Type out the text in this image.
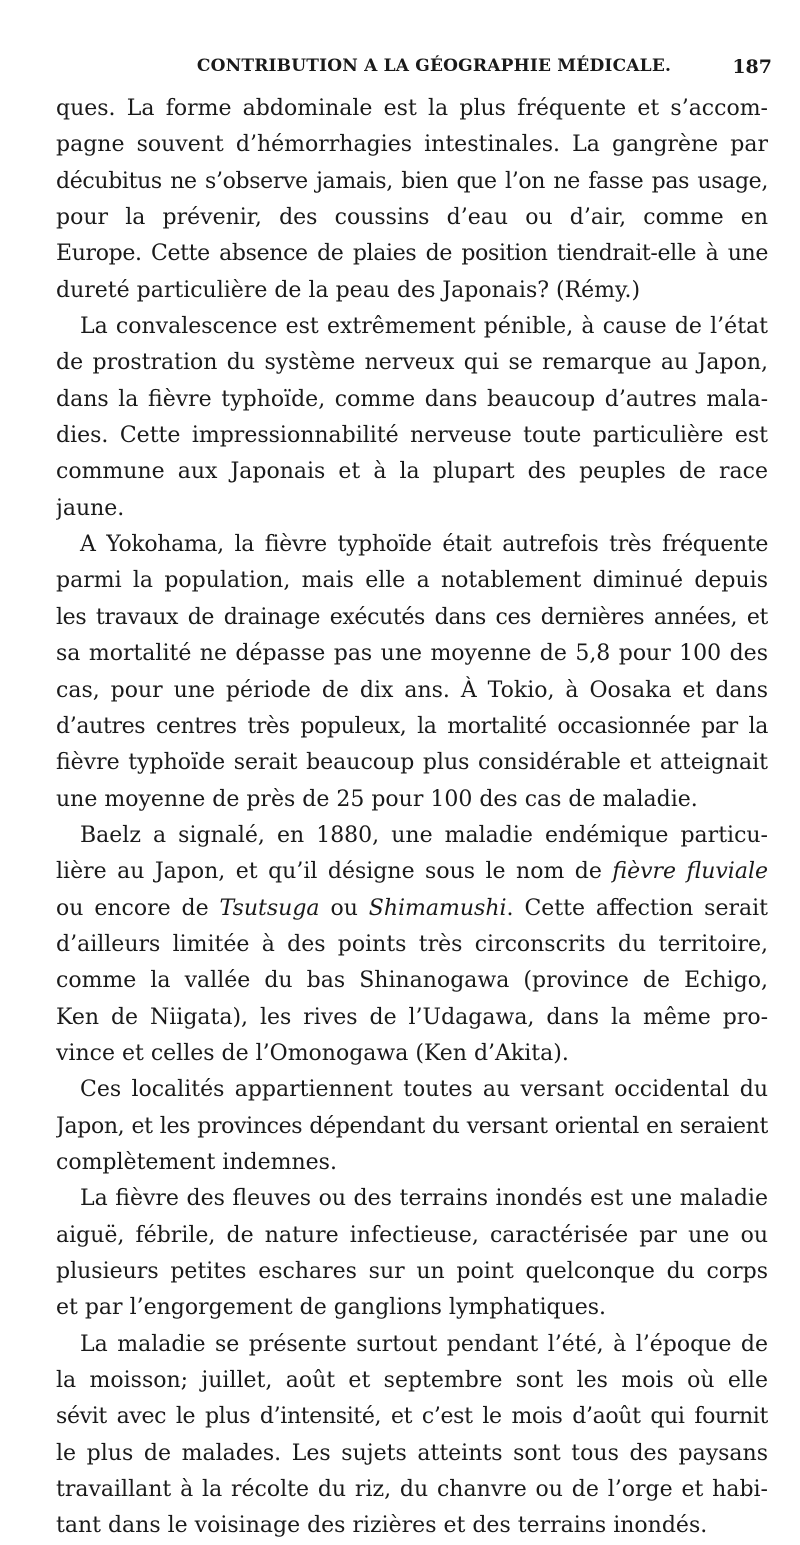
CONTRIBUTION A LA GÉOGRAPHIE MÉDICALE.	187
ques. La forme abdominale est la plus fréquente et s’accom-
pagne souvent d’hémorrhagies intestinales. La gangrène par
décubitus ne s’observe jamais, bien que l’on ne fasse pas usage,
pour la prévenir, des coussins d’eau ou d’air, comme en
Europe. Cette absence de plaies de position tiendrait-elle à une
dureté particulière de la peau des Japonais? (Rémy.)
La convalescence est extrêmement pénible, à cause de l’état
de prostration du système nerveux qui se remarque au Japon,
dans la fièvre typhoïde, comme dans beaucoup d’autres mala-
dies. Cette impressionnabilité nerveuse toute particulière est
commune aux Japonais et à la plupart des peuples de race
jaune.
A Yokohama, la fièvre typhoïde était autrefois très fréquente
parmi la population, mais elle a notablement diminué depuis
les travaux de drainage exécutés dans ces dernières années, et
sa mortalité ne dépasse pas une moyenne de 5,8 pour 100 des
cas, pour une période de dix ans. À Tokio, à Oosaka et dans
d’autres centres très populeux, la mortalité occasionnée par la
fièvre typhoïde serait beaucoup plus considérable et atteignait
une moyenne de près de 25 pour 100 des cas de maladie.
Baelz a signalé, en 1880, une maladie endémique particu-
lière au Japon, et qu’il désigne sous le nom de fièvre fluviale
ou encore de Tsutsuga ou Shimamushi. Cette affection serait
d’ailleurs limitée à des points très circonscrits du territoire,
comme la vallée du bas Shinanogawa (province de Echigo,
Ken de Niigata), les rives de l’Udagawa, dans la même pro-
vince et celles de l’Omonogawa (Ken d’Akita).
Ces localités appartiennent toutes au versant occidental du
Japon, et les provinces dépendant du versant oriental en seraient
complètement indemnes.
La fièvre des fleuves ou des terrains inondés est une maladie
aiguë, fébrile, de nature infectieuse, caractérisée par une ou
plusieurs petites eschares sur un point quelconque du corps
et par l’engorgement de ganglions lymphatiques.
La maladie se présente surtout pendant l’été, à l’époque de
la moisson; juillet, août et septembre sont les mois où elle
sévit avec le plus d’intensité, et c’est le mois d’août qui fournit
le plus de malades. Les sujets atteints sont tous des paysans
travaillant à la récolte du riz, du chanvre ou de l’orge et habi-
tant dans le voisinage des rizières et des terrains inondés.
